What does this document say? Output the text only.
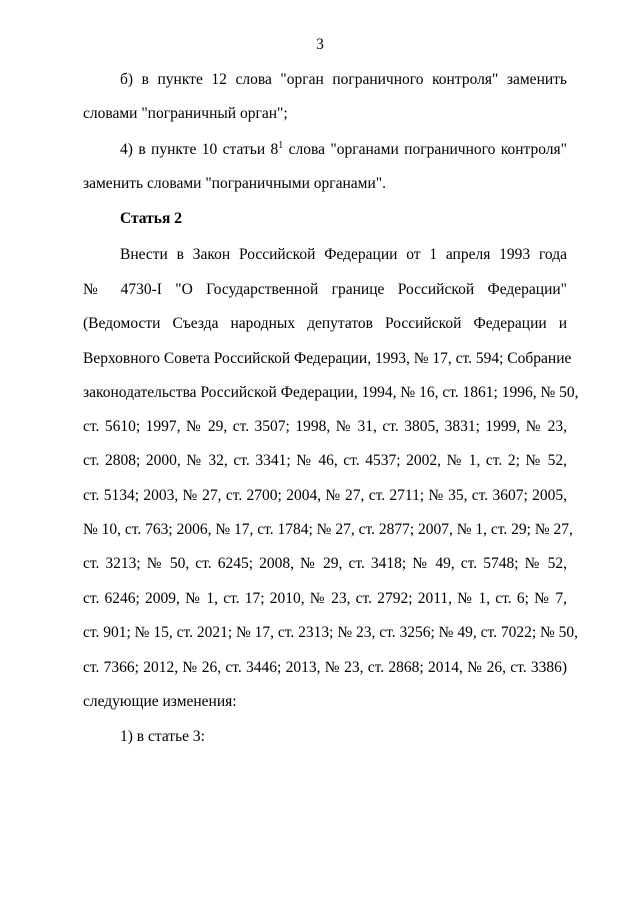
3
б) в пункте 12 слова "орган пограничного контроля" заменить
словами "пограничный орган";
4) в пункте 10 статьи $8^1$ слова "органами пограничного контроля"
заменить словами "пограничными органами".
Статья 2
Внести в Закон Российской Федерации от 1 апреля 1993 года
№ 4730-I "О Государственной границе Российской Федерации"
(Ведомости Съезда народных депутатов Российской Федерации и
Верховного Совета Российской Федерации, 1993, № 17, ст. 594; Собрание
законодательства Российской Федерации, 1994, № 16, ст. 1861; 1996, № 50,
ст. 5610; 1997, № 29, ст. 3507; 1998, № 31, ст. 3805, 3831; 1999, № 23,
ст. 2808; 2000, № 32, ст. 3341; № 46, ст. 4537; 2002, № 1, ст. 2; № 52,
ст. 5134; 2003, № 27, ст. 2700; 2004, № 27, ст. 2711; № 35, ст. 3607; 2005,
№ 10, ст. 763; 2006, № 17, ст. 1784; № 27, ст. 2877; 2007, № 1, ст. 29; № 27,
ст. 3213; № 50, ст. 6245; 2008, № 29, ст. 3418; № 49, ст. 5748; № 52,
ст. 6246; 2009, № 1, ст. 17; 2010, № 23, ст. 2792; 2011, № 1, ст. 6; № 7,
ст. 901; № 15, ст. 2021; № 17, ст. 2313; № 23, ст. 3256; № 49, ст. 7022; № 50,
ст. 7366; 2012, № 26, ст. 3446; 2013, № 23, ст. 2868; 2014, № 26, ст. 3386)
следующие изменения:
1) в статье 3:
